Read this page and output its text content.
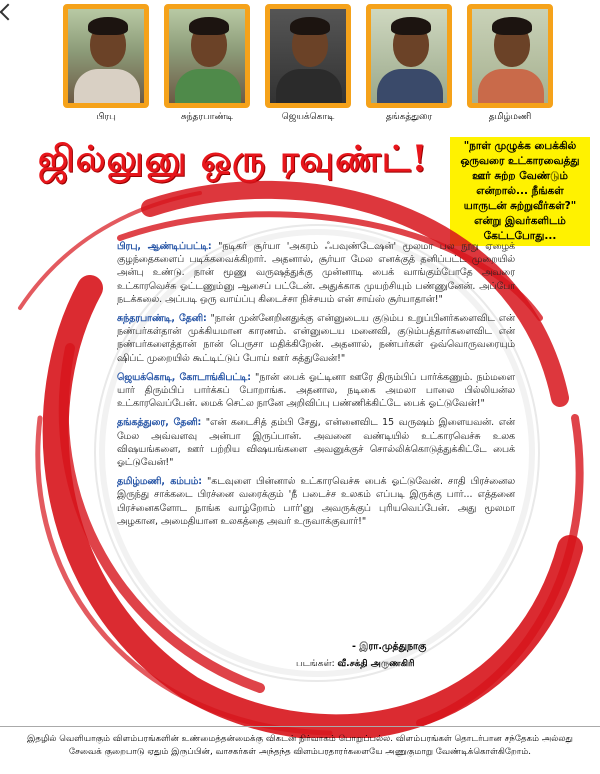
பிரபு	சுந்தரபாண்டி	ஜெயக்கொடி	தங்கத்துரை	தமிழ்மணி
ஜில்லுனு ஒரு ரவுண்ட்!	"நாள் முழுக்க பைக்கில் ஒருவரை உட்காரவைத்து ஊர் சுற்ற வேண்டும் என்றால்... நீங்கள் யாருடன் சுற்றுவீர்கள்?" என்று இவர்களிடம் கேட்டபோது...

பிரபு, ஆண்டிப்பட்டி: "நடிகர் சூர்யா 'அகரம் ஃபவுண்டேஷன்' மூலமா பல நூறு ஏழைக் குழந்தைகளைப் படிக்கவைக்கிறார். அதனால், சூர்யா மேல எனக்குத் தனிப்பட்ட முறையில் அன்பு உண்டு. நான் மூணு வருஷத்துக்கு முன்னாடி பைக் வாங்கும்போதே அவரை உட்காரவெச்சு ஓட்டணும்னு ஆசைப் பட்டேன். அதுக்காக முயற்சியும் பண்ணுனேன். அப்போ நடக்கலை. அப்படி ஒரு வாய்ப்பு கிடைச்சா நிச்சயம் என் சாய்ஸ் சூர்யாதான்!"

சுந்தரபாண்டி, தேனி: "நான் முன்னேறினதுக்கு என்னுடைய குடும்ப உறுப்பினர்களைவிட என் நண்பர்கள்தான் முக்கியமான காரணம். என்னுடைய மனைவி, குடும்பத்தார்களைவிட என் நண்பர்களைத்தான் நான் பெருசா மதிக்கிறேன். அதனால், நண்பர்கள் ஒவ்வொருவரையும் ஷிப்ட் முறையில் கூட்டிட்டுப் போய் ஊர் சுத்துவேன்!"

ஜெயக்கொடி, கோடாங்கிபட்டி: "நான் பைக் ஓட்டினா ஊரே திரும்பிப் பார்க்கணும். நம்மளை யார் திரும்பிப் பார்க்கப் போறாங்க. அதனால, நடிகை அமலா பாலை பில்லியன்ல உட்காரவெப்பேன். மைக் செட்ல நானே அறிவிப்பு பண்ணிக்கிட்டே பைக் ஓட்டுவேன்!"

தங்கத்துரை, தேனி: "என் கடைசித் தம்பி சேது, என்னைவிட 15 வருஷம் இளையவன். என் மேல அவ்வளவு அன்பா இருப்பான். அவனை வண்டியில் உட்காரவெச்சு உலக விஷயங்களை, ஊர் பற்றிய விஷயங்களை அவனுக்குச் சொல்லிக்கொடுத்துக்கிட்டே பைக் ஓட்டுவேன்!"

தமிழ்மணி, கம்பம்: "கடவுளை பின்னால் உட்காரவெச்சு பைக் ஓட்டுவேன். சாதி பிரச்னைல இருந்து சாக்கடை பிரச்னை வரைக்கும் 'நீ படைச்ச உலகம் எப்படி இருக்கு பார்... எத்தனை பிரச்னைகளோட நாங்க வாழ்றோம் பார்'னு அவருக்குப் புரியவெப்பேன். அது மூலமா அழகான, அமைதியான உலகத்தை அவர் உருவாக்குவார்!"

- இரா.முத்துநாகு
படங்கள்: வீ.சக்தி அருணகிரி
இதழில் வெளியாகும் விளம்பரங்களின் உண்மைத்தன்மைக்கு விகடன் நிர்வாகம் பொறுப்பல்ல. விளம்பரங்கள் தொடர்பான சந்தேகம் அல்லது சேவைக் குறைபாடு ஏதும் இருப்பின், வாசகர்கள் அந்தந்த விளம்பரதாரர்களையே அணுகுமாறு வேண்டிக்கொள்கிறோம்.
